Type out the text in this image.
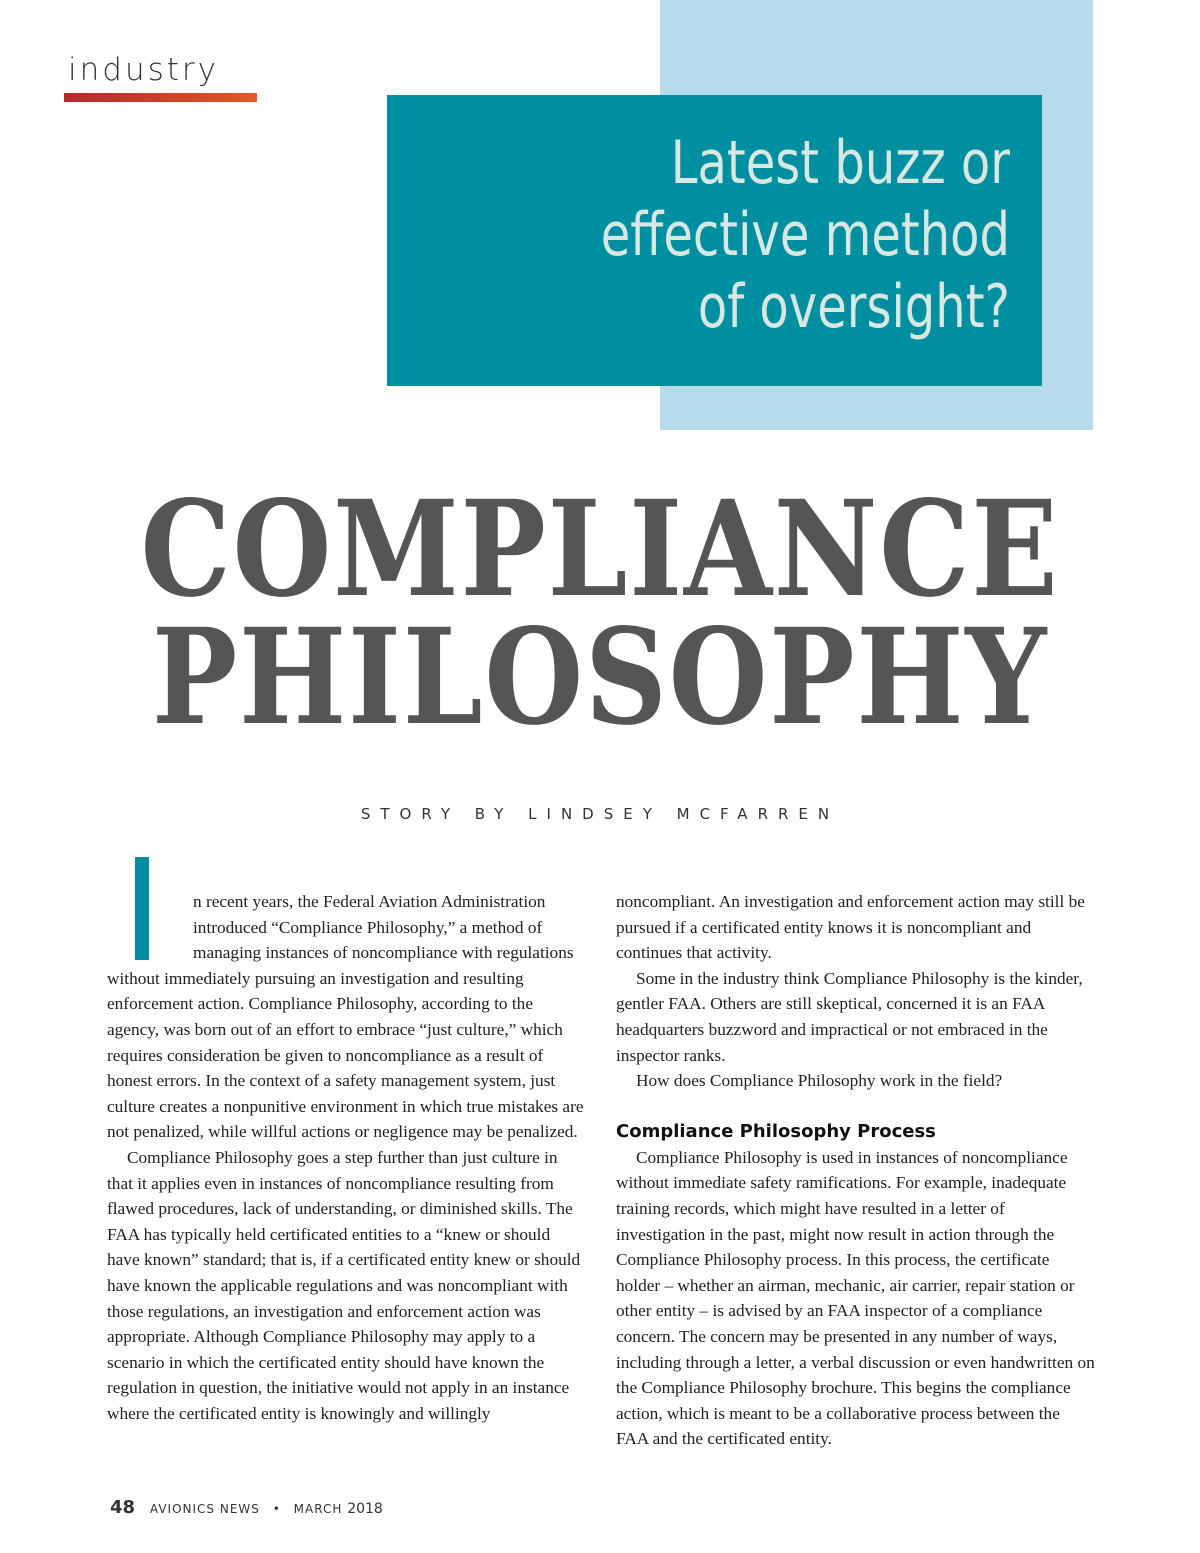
industry
Latest buzz or
effective method
of oversight?
COMPLIANCE
PHILOSOPHY
STORY BY LINDSEY MCFARREN

n recent years, the Federal Aviation Administration introduced “Compliance Philosophy,” a method of managing instances of noncompliance with regulations without immediately pursuing an investigation and resulting enforcement action. Compliance Philosophy, according to the agency, was born out of an effort to embrace “just culture,” which requires consideration be given to noncompliance as a result of honest errors. In the context of a safety management system, just culture creates a nonpunitive environment in which true mistakes are not penalized, while willful actions or negligence may be penalized.

Compliance Philosophy goes a step further than just culture in that it applies even in instances of noncompliance resulting from flawed procedures, lack of understanding, or diminished skills. The FAA has typically held certificated entities to a “knew or should have known” standard; that is, if a certificated entity knew or should have known the applicable regulations and was noncompliant with those regulations, an investigation and enforcement action was appropriate. Although Compliance Philosophy may apply to a scenario in which the certificated entity should have known the regulation in question, the initiative would not apply in an instance where the certificated entity is knowingly and willingly

noncompliant. An investigation and enforcement action may still be pursued if a certificated entity knows it is noncompliant and continues that activity.

Some in the industry think Compliance Philosophy is the kinder, gentler FAA. Others are still skeptical, concerned it is an FAA headquarters buzzword and impractical or not embraced in the inspector ranks.

How does Compliance Philosophy work in the field?

Compliance Philosophy Process

Compliance Philosophy is used in instances of noncompliance without immediate safety ramifications. For example, inadequate training records, which might have resulted in a letter of investigation in the past, might now result in action through the Compliance Philosophy process. In this process, the certificate holder – whether an airman, mechanic, air carrier, repair station or other entity – is advised by an FAA inspector of a compliance concern. The concern may be presented in any number of ways, including through a letter, a verbal discussion or even handwritten on the Compliance Philosophy brochure. This begins the compliance action, which is meant to be a collaborative process between the FAA and the certificated entity.

48 AVIONICS NEWS • MARCH 2018
